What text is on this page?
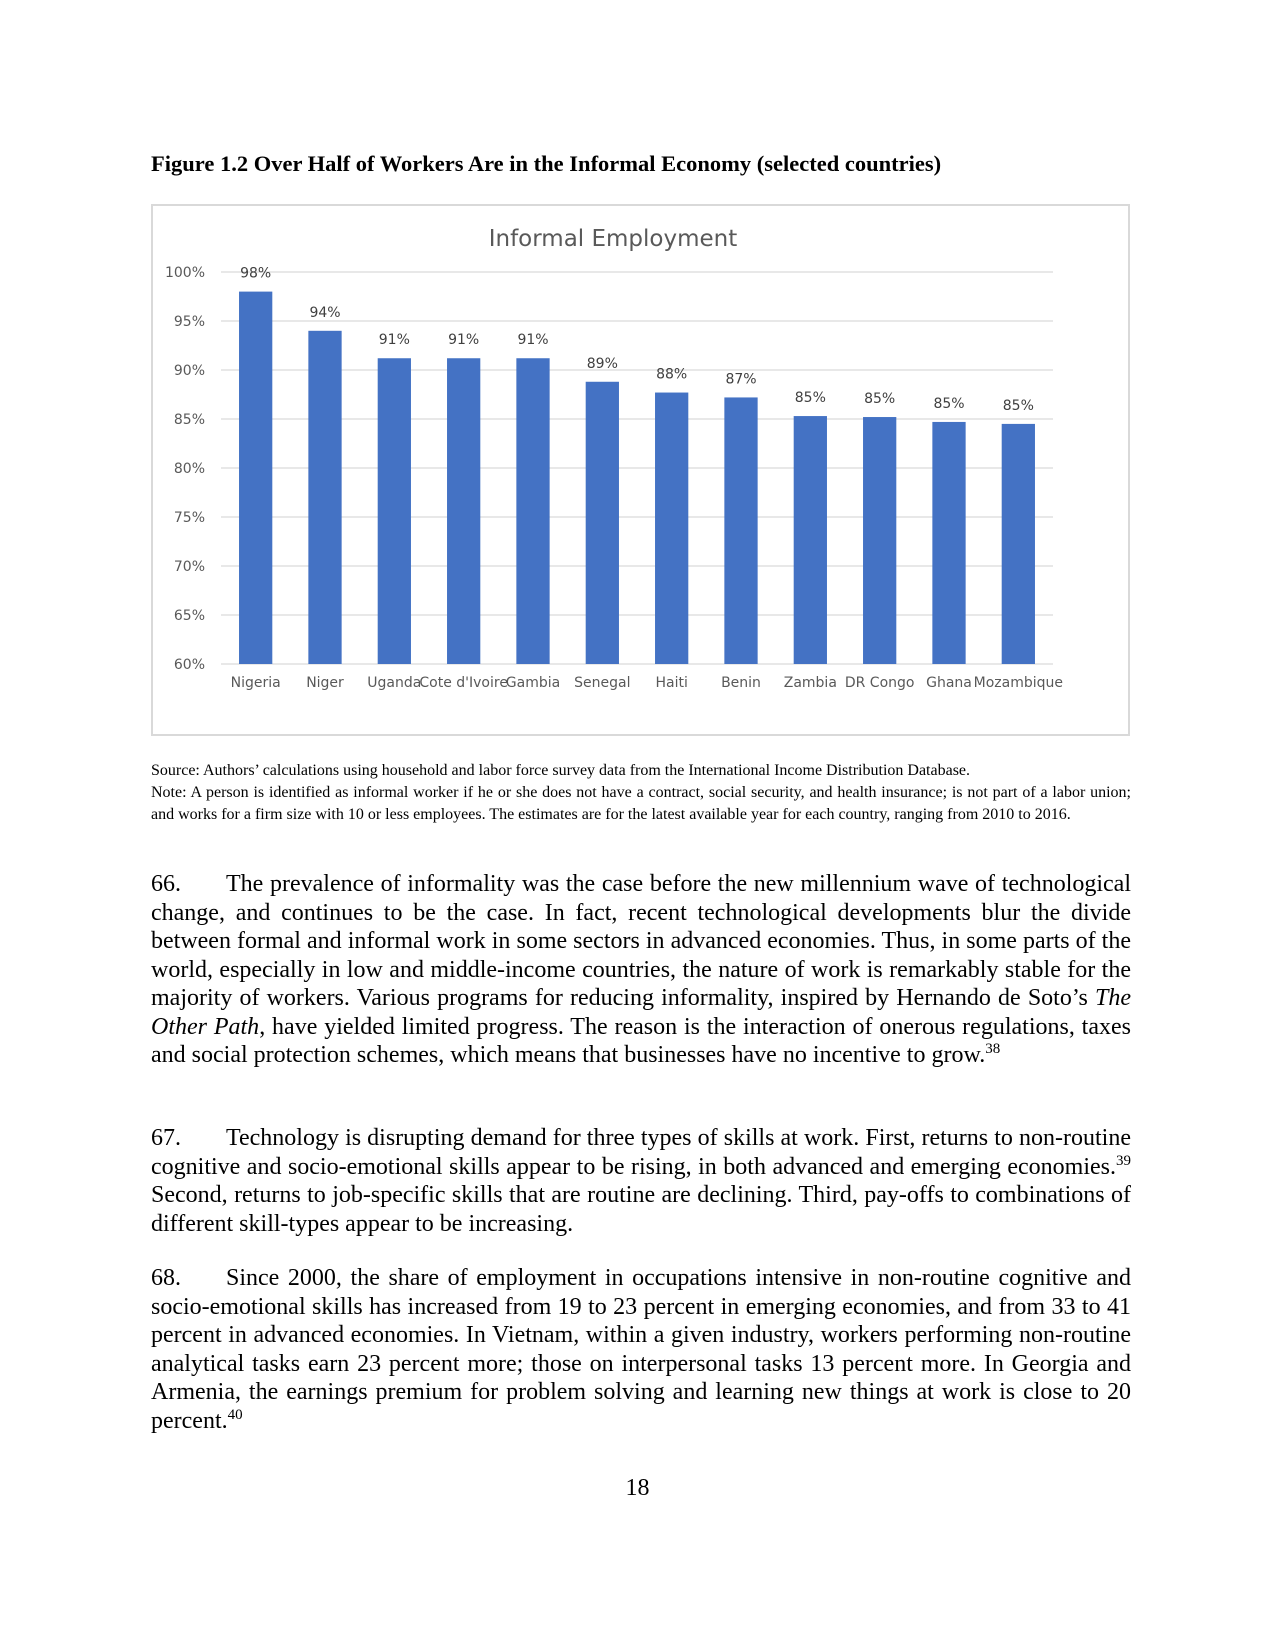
Figure 1.2 Over Half of Workers Are in the Informal Economy (selected countries)
Informal Employment
60%
65%
70%
75%
80%
85%
90%
95%
100%	98%
Nigeria
94%
Niger
91%
Uganda
91%
Cote d'Ivoire
91%
Gambia
89%
Senegal
88%
Haiti
87%
Benin
85%
Zambia
85%
DR Congo
85%
Ghana
85%
Mozambique
Source: Authors’ calculations using household and labor force survey data from the International Income Distribution Database.
Note: A person is identified as informal worker if he or she does not have a contract, social security, and health insurance; is not part of a labor union; and works for a firm size with 10 or less employees. The estimates are for the latest available year for each country, ranging from 2010 to 2016.
66. The prevalence of informality was the case before the new millennium wave of technological change, and continues to be the case. In fact, recent technological developments blur the divide between formal and informal work in some sectors in advanced economies. Thus, in some parts of the world, especially in low and middle-income countries, the nature of work is remarkably stable for the majority of workers. Various programs for reducing informality, inspired by Hernando de Soto’s The Other Path, have yielded limited progress. The reason is the interaction of onerous regulations, taxes and social protection schemes, which means that businesses have no incentive to grow.$^{38}$
67. Technology is disrupting demand for three types of skills at work. First, returns to non-routine cognitive and socio-emotional skills appear to be rising, in both advanced and emerging economies.$^{39}$ Second, returns to job-specific skills that are routine are declining. Third, pay-offs to combinations of different skill-types appear to be increasing.
68. Since 2000, the share of employment in occupations intensive in non-routine cognitive and socio-emotional skills has increased from 19 to 23 percent in emerging economies, and from 33 to 41 percent in advanced economies. In Vietnam, within a given industry, workers performing non-routine analytical tasks earn 23 percent more; those on interpersonal tasks 13 percent more. In Georgia and Armenia, the earnings premium for problem solving and learning new things at work is close to 20 percent.$^{40}$
18
